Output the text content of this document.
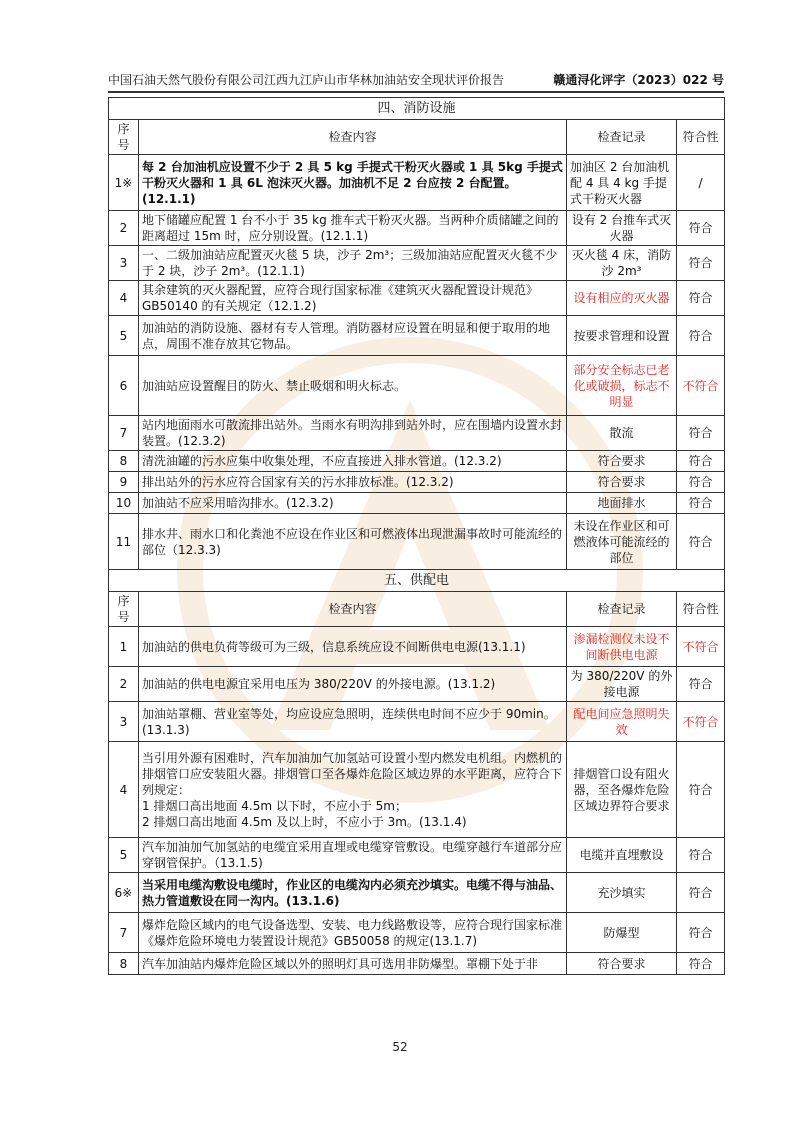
中国石油天然气股份有限公司江西九江庐山市华林加油站安全现状评价报告	赣通浔化评字（2023）022 号
四、消防设施			
序号	检查内容	检查记录	符合性
1※	每 2 台加油机应设置不少于 2 具 5 kg 手提式干粉灭火器或 1 具 5kg 手提式干粉灭火器和 1 具 6L 泡沫灭火器。加油机不足 2 台应按 2 台配置。(12.1.1)	加油区 2 台加油机配 4 具 4 kg 手提式干粉灭火器	/
2	地下储罐应配置 1 台不小于 35 kg 推车式干粉灭火器。当两种介质储罐之间的距离超过 15m 时，应分别设置。(12.1.1)	设有 2 台推车式灭火器	符合
3	一、二级加油站应配置灭火毯 5 块，沙子 2m³；三级加油站应配置灭火毯不少于 2 块，沙子 2m³。(12.1.1)	灭火毯 4 床，消防沙 2m³	符合
4	其余建筑的灭火器配置，应符合现行国家标准《建筑灭火器配置设计规范》GB50140 的有关规定（12.1.2)	设有相应的灭火器	符合
5	加油站的消防设施、器材有专人管理。消防器材应设置在明显和便于取用的地点，周围不准存放其它物品。	按要求管理和设置	符合
6	加油站应设置醒目的防火、禁止吸烟和明火标志。	部分安全标志已老化或破损，标志不明显	不符合
7	站内地面雨水可散流排出站外。当雨水有明沟排到站外时，应在围墙内设置水封装置。(12.3.2)	散流	符合
8	清洗油罐的污水应集中收集处理，不应直接进入排水管道。(12.3.2)	符合要求	符合
9	排出站外的污水应符合国家有关的污水排放标准。(12.3.2)	符合要求	符合
10	加油站不应采用暗沟排水。(12.3.2)	地面排水	符合
11	排水井、雨水口和化粪池不应设在作业区和可燃液体出现泄漏事故时可能流经的部位（12.3.3)	未设在作业区和可燃液体可能流经的部位	符合
五、供配电			
序号	检查内容	检查记录	符合性
1	加油站的供电负荷等级可为三级，信息系统应设不间断供电电源(13.1.1)	渗漏检测仪未设不间断供电电源	不符合
2	加油站的供电电源宜采用电压为 380/220V 的外接电源。(13.1.2)	为 380/220V 的外接电源	符合
3	加油站罩棚、营业室等处，均应设应急照明，连续供电时间不应少于 90min。(13.1.3)	配电间应急照明失效	不符合
4	当引用外源有困难时，汽车加油加气加氢站可设置小型内燃发电机组。内燃机的排烟管口应安装阻火器。排烟管口至各爆炸危险区域边界的水平距离，应符合下列规定：
1 排烟口高出地面 4.5m 以下时，不应小于 5m；
2 排烟口高出地面 4.5m 及以上时，不应小于 3m。(13.1.4)	排烟管口设有阻火器，至各爆炸危险区域边界符合要求	符合
5	汽车加油加气加氢站的电缆宜采用直埋或电缆穿管敷设。电缆穿越行车道部分应穿钢管保护。（13.1.5)	电缆并直埋敷设	符合
6※	当采用电缆沟敷设电缆时，作业区的电缆沟内必须充沙填实。电缆不得与油品、热力管道敷设在同一沟内。(13.1.6)	充沙填实	符合
7	爆炸危险区域内的电气设备选型、安装、电力线路敷设等，应符合现行国家标准《爆炸危险环境电力装置设计规范》GB50058 的规定(13.1.7)	防爆型	符合
8	汽车加油站内爆炸危险区域以外的照明灯具可选用非防爆型。罩棚下处于非	符合要求	符合
52
